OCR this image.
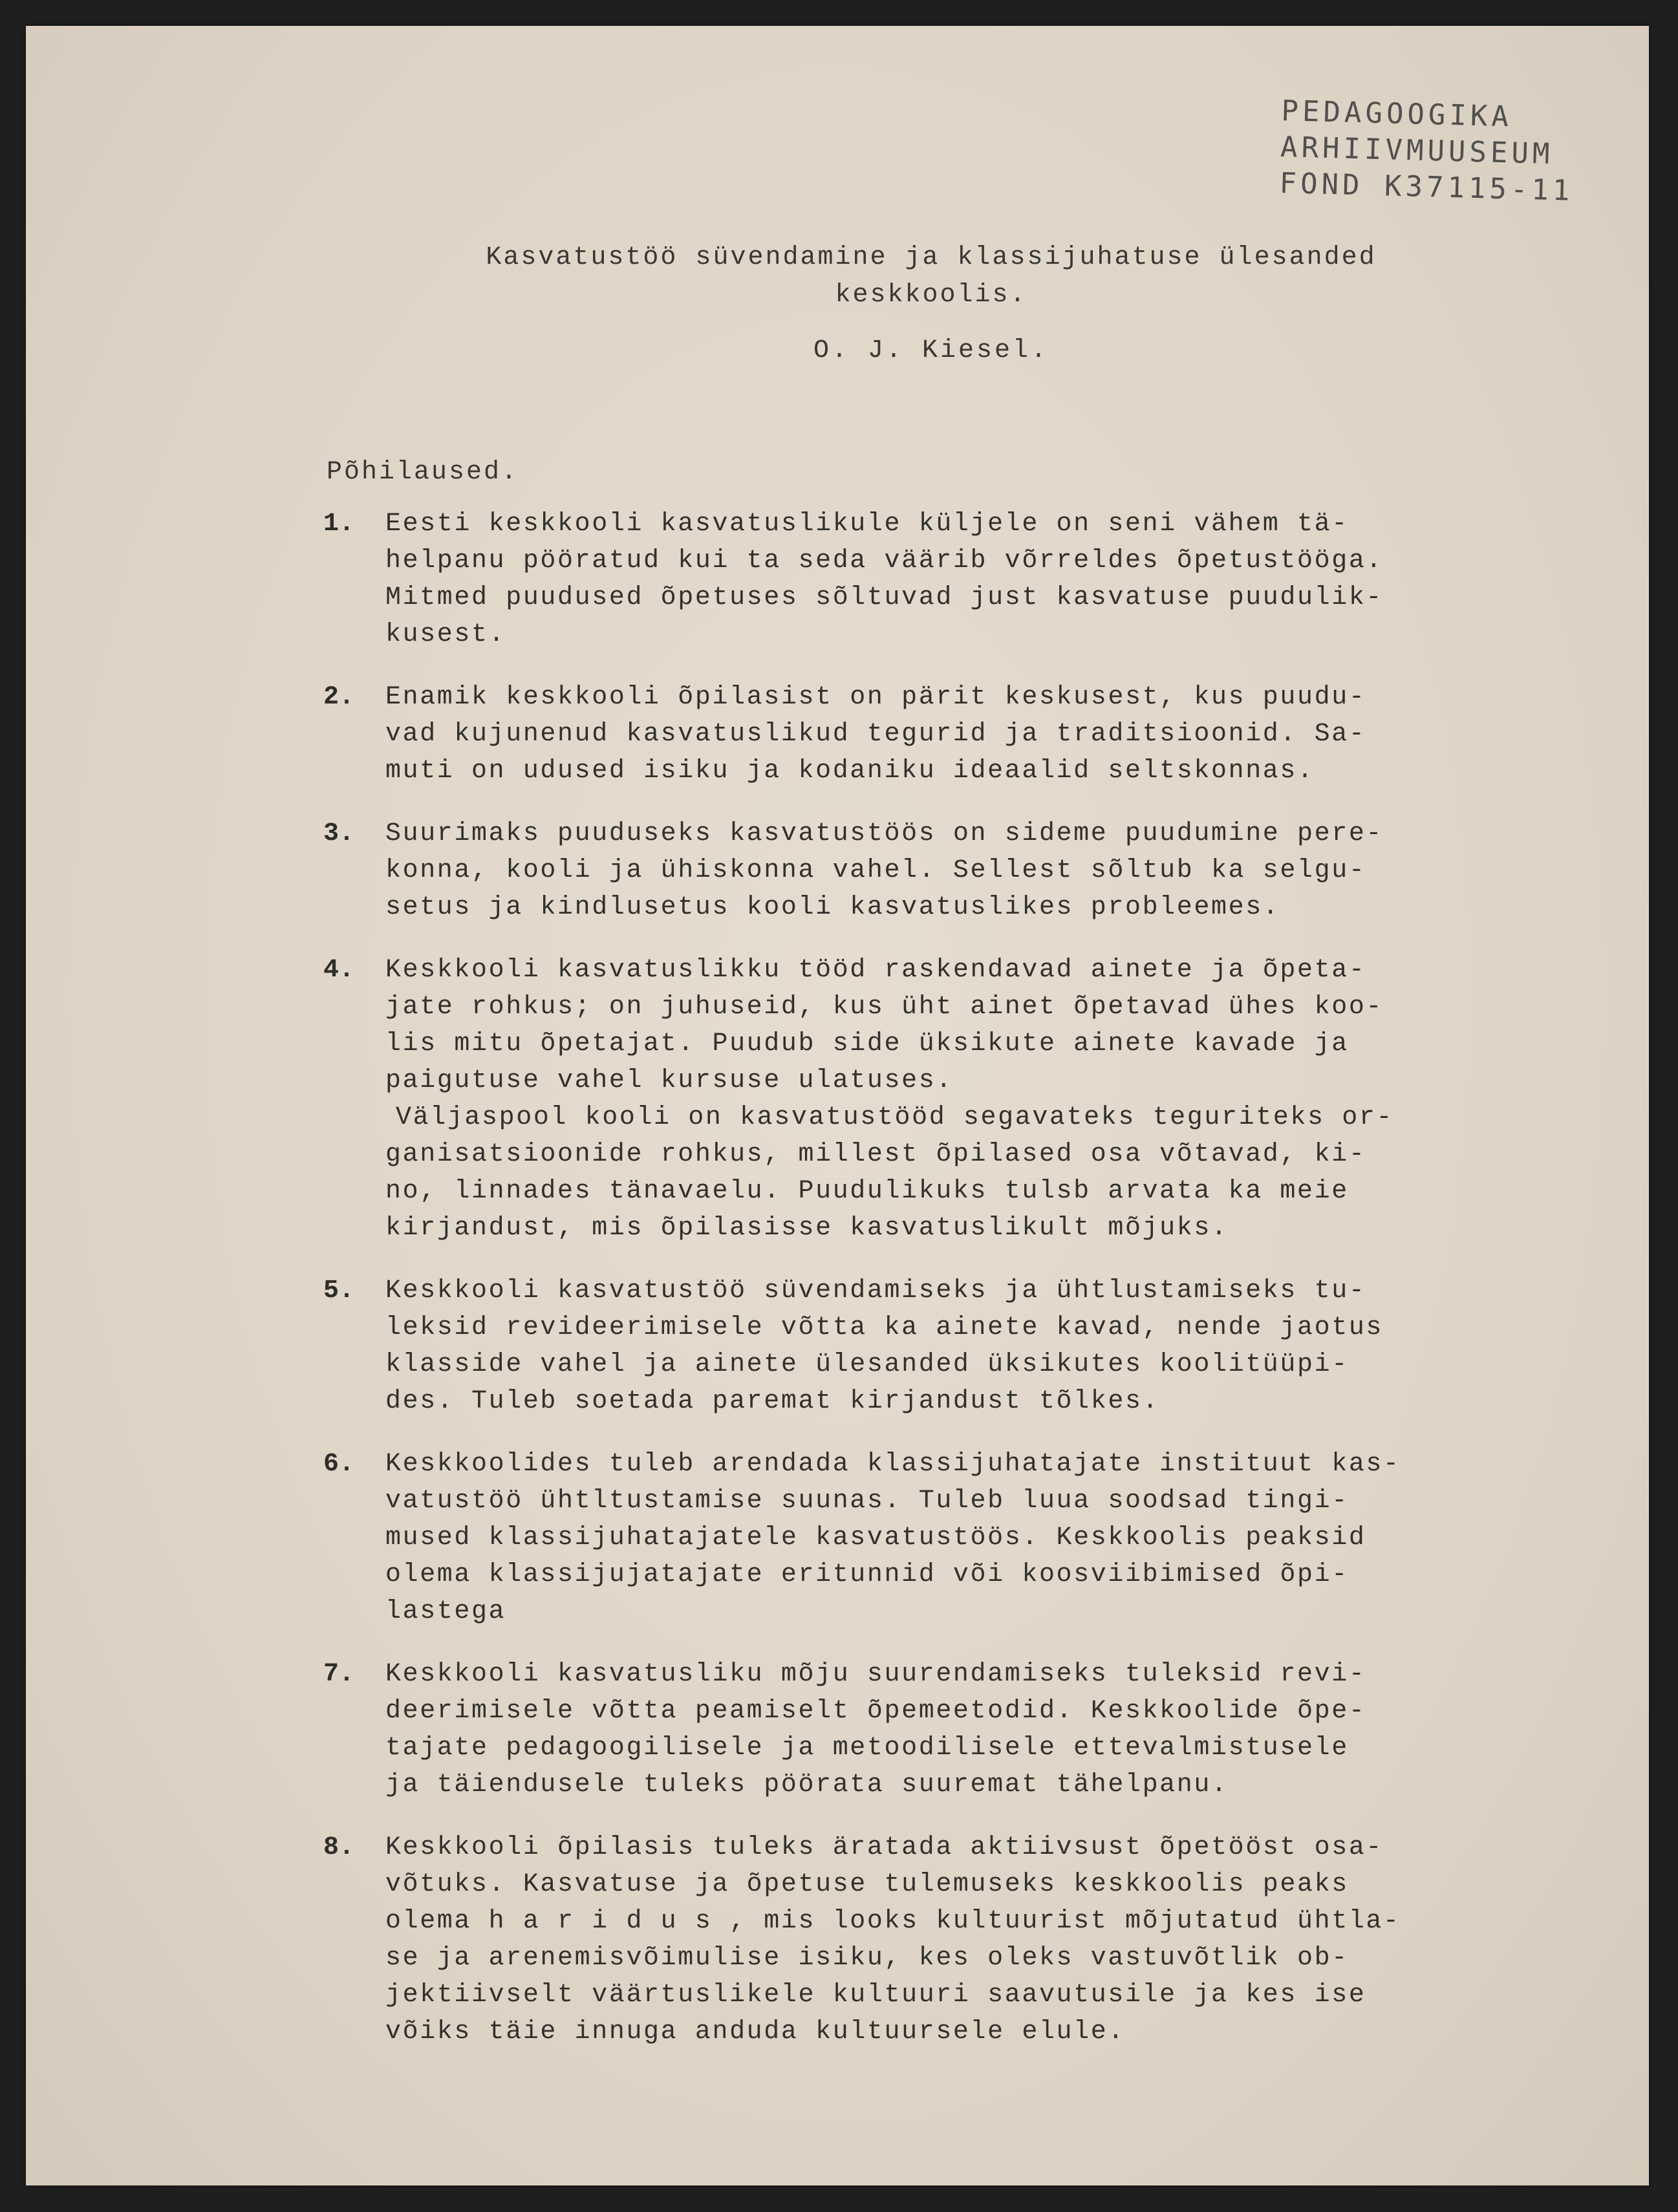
PEDAGOOGIKA
ARHIIVMUUSEUM
FOND K37115-11
Kasvatustöö süvendamine ja klassijuhatuse ülesanded
keskkoolis.
O. J. Kiesel.
Põhilaused.
1.	Eesti keskkooli kasvatuslikule küljele on seni vähem tä-
helpanu pööratud kui ta seda väärib võrreldes õpetustööga.
Mitmed puudused õpetuses sõltuvad just kasvatuse puudulik-
kusest.
2.	Enamik keskkooli õpilasist on pärit keskusest, kus puudu-
vad kujunenud kasvatuslikud tegurid ja traditsioonid. Sa-
muti on udused isiku ja kodaniku ideaalid seltskonnas.
3.	Suurimaks puuduseks kasvatustöös on sideme puudumine pere-
konna, kooli ja ühiskonna vahel. Sellest sõltub ka selgu-
setus ja kindlusetus kooli kasvatuslikes probleemes.
4.	Keskkooli kasvatuslikku tööd raskendavad ainete ja õpeta-
jate rohkus; on juhuseid, kus üht ainet õpetavad ühes koo-
lis mitu õpetajat. Puudub side üksikute ainete kavade ja
paigutuse vahel kursuse ulatuses.
Väljaspool kooli on kasvatustööd segavateks teguriteks or-
ganisatsioonide rohkus, millest õpilased osa võtavad, ki-
no, linnades tänavaelu. Puudulikuks tulsb arvata ka meie
kirjandust, mis õpilasisse kasvatuslikult mõjuks.
5.	Keskkooli kasvatustöö süvendamiseks ja ühtlustamiseks tu-
leksid revideerimisele võtta ka ainete kavad, nende jaotus
klasside vahel ja ainete ülesanded üksikutes koolitüüpi-
des. Tuleb soetada paremat kirjandust tõlkes.
6.	Keskkoolides tuleb arendada klassijuhatajate instituut kas-
vatustöö ühtltustamise suunas. Tuleb luua soodsad tingi-
mused klassijuhatajatele kasvatustöös. Keskkoolis peaksid
olema klassijujatajate eritunnid või koosviibimised õpi-
lastega
7.	Keskkooli kasvatusliku mõju suurendamiseks tuleksid revi-
deerimisele võtta peamiselt õpemeetodid. Keskkoolide õpe-
tajate pedagoogilisele ja metoodilisele ettevalmistusele
ja täiendusele tuleks pöörata suuremat tähelpanu.
8.	Keskkooli õpilasis tuleks äratada aktiivsust õpetööst osa-
võtuks. Kasvatuse ja õpetuse tulemuseks keskkoolis peaks
olema h a r i d u s , mis looks kultuurist mõjutatud ühtla-
se ja arenemisvõimulise isiku, kes oleks vastuvõtlik ob-
jektiivselt väärtuslikele kultuuri saavutusile ja kes ise
võiks täie innuga anduda kultuursele elule.
